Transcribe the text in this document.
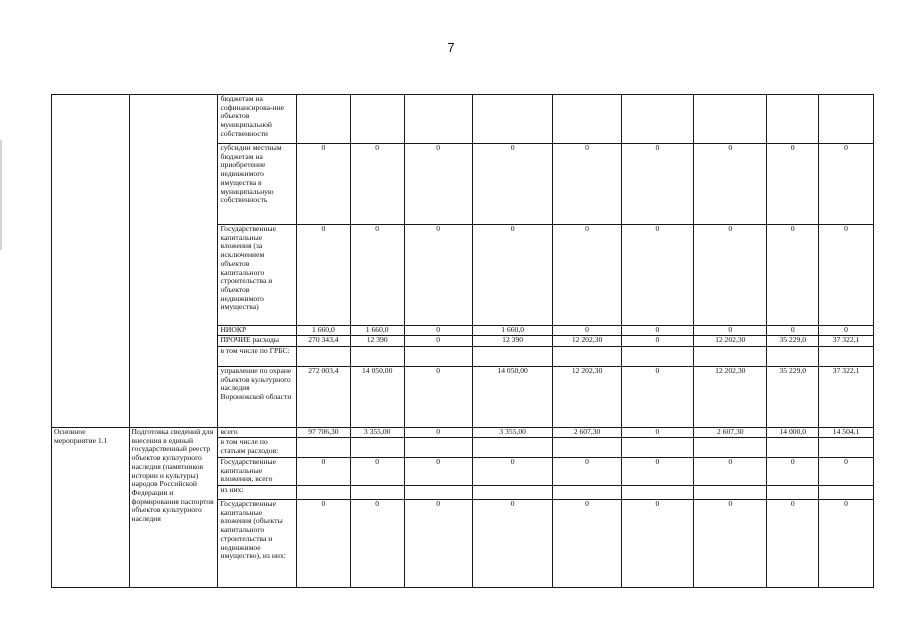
7
		бюджетам на софинансирова-ние объектов муниципальной собственности									
		субсидии местным бюджетам на приобретение недвижимого имущества в муниципальную собственность	0	0	0	0	0	0	0	0	0
		Государственные капитальные вложения (за исключением объектов капитального строительства и объектов недвижимого имущества)	0	0	0	0	0	0	0	0	0
		НИОКР	1 660,0	1 660,0	0	1 660,0	0	0	0	0	0
		ПРОЧИЕ расходы	270 343,4	12 390	0	12 390	12 202,30	0	12 202,30	35 229,0	37 322,1
		в том числе по ГРБС:									
		управление по охране объектов культурного наследия Воронежской области	272 003,4	14 050,00	0	14 050,00	12 202,30	0	12 202,30	35 229,0	37 322,1
Основное мероприятие 1.1	Подготовка сведений для внесения в единый государственный реестр объектов культурного наследия (памятников истории и культуры) народов Российской Федерации и формирования паспортов объектов культурного наследия	всего	97 706,30	3 355,00	0	3 355,00	2 607,30	0	2 607,30	14 000,0	14 504,1
		в том числе по статьям расходов:									
		Государственные капитальные вложения, всего	0	0	0	0	0	0	0	0	0
		из них:									
		Государственные капитальные вложения (объекты капитального строительства и недвижимое имущество), из них:	0	0	0	0	0	0	0	0	0
